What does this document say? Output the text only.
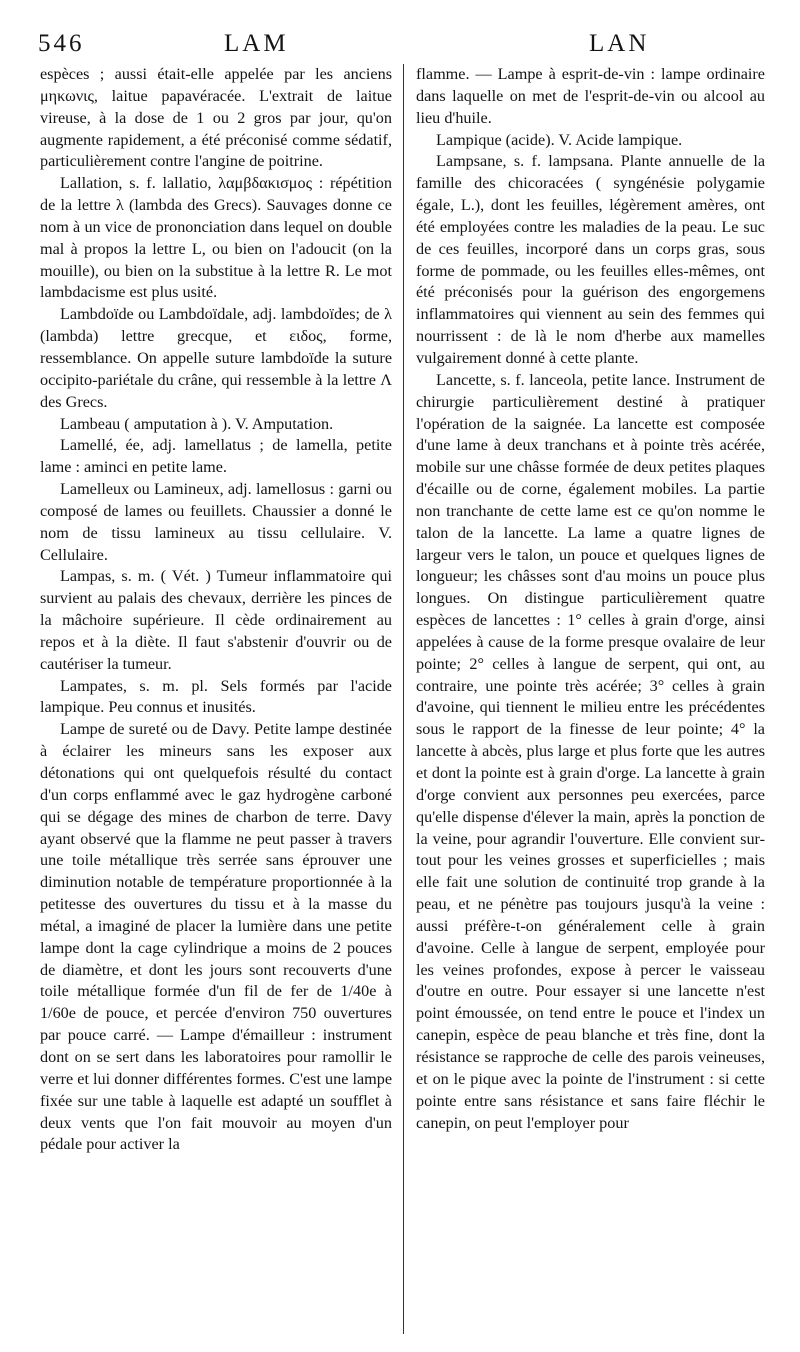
546	LAM	LAN

espèces ; aussi était-elle appelée par les anciens μηκωνις, laitue papavéracée. L'extrait de laitue vireuse, à la dose de 1 ou 2 gros par jour, qu'on augmente rapidement, a été préconisé comme sédatif, particulièrement contre l'angine de poitrine.

Lallation, s. f. lallatio, λαμβδακισμος : répétition de la lettre λ (lambda des Grecs). Sauvages donne ce nom à un vice de prononciation dans lequel on double mal à propos la lettre L, ou bien on l'adoucit (on la mouille), ou bien on la substitue à la lettre R. Le mot lambdacisme est plus usité.

Lambdoïde ou Lambdoïdale, adj. lambdoïdes; de λ (lambda) lettre grecque, et ειδος, forme, ressemblance. On appelle suture lambdoïde la suture occipito-pariétale du crâne, qui ressemble à la lettre Λ des Grecs.

Lambeau ( amputation à ). V. Amputation.

Lamellé, ée, adj. lamellatus ; de lamella, petite lame : aminci en petite lame.

Lamelleux ou Lamineux, adj. lamellosus : garni ou composé de lames ou feuillets. Chaussier a donné le nom de tissu lamineux au tissu cellulaire. V. Cellulaire.

Lampas, s. m. ( Vét. ) Tumeur inflammatoire qui survient au palais des chevaux, derrière les pinces de la mâchoire supérieure. Il cède ordinairement au repos et à la diète. Il faut s'abstenir d'ouvrir ou de cautériser la tumeur.

Lampates, s. m. pl. Sels formés par l'acide lampique. Peu connus et inusités.

Lampe de sureté ou de Davy. Petite lampe destinée à éclairer les mineurs sans les exposer aux détonations qui ont quelquefois résulté du contact d'un corps enflammé avec le gaz hydrogène carboné qui se dégage des mines de charbon de terre. Davy ayant observé que la flamme ne peut passer à travers une toile métallique très serrée sans éprouver une diminution notable de température proportionnée à la petitesse des ouvertures du tissu et à la masse du métal, a imaginé de placer la lumière dans une petite lampe dont la cage cylindrique a moins de 2 pouces de diamètre, et dont les jours sont recouverts d'une toile métallique formée d'un fil de fer de 1/40e à 1/60e de pouce, et percée d'environ 750 ouvertures par pouce carré. — Lampe d'émailleur : instrument dont on se sert dans les laboratoires pour ramollir le verre et lui donner différentes formes. C'est une lampe fixée sur une table à laquelle est adapté un soufflet à deux vents que l'on fait mouvoir au moyen d'un pédale pour activer la

flamme. — Lampe à esprit-de-vin : lampe ordinaire dans laquelle on met de l'esprit-de-vin ou alcool au lieu d'huile.

Lampique (acide). V. Acide lampique.

Lampsane, s. f. lampsana. Plante annuelle de la famille des chicoracées ( syngénésie polygamie égale, L.), dont les feuilles, légèrement amères, ont été employées contre les maladies de la peau. Le suc de ces feuilles, incorporé dans un corps gras, sous forme de pommade, ou les feuilles elles-mêmes, ont été préconisés pour la guérison des engorgemens inflammatoires qui viennent au sein des femmes qui nourrissent : de là le nom d'herbe aux mamelles vulgairement donné à cette plante.

Lancette, s. f. lanceola, petite lance. Instrument de chirurgie particulièrement destiné à pratiquer l'opération de la saignée. La lancette est composée d'une lame à deux tranchans et à pointe très acérée, mobile sur une châsse formée de deux petites plaques d'écaille ou de corne, également mobiles. La partie non tranchante de cette lame est ce qu'on nomme le talon de la lancette. La lame a quatre lignes de largeur vers le talon, un pouce et quelques lignes de longueur; les châsses sont d'au moins un pouce plus longues. On distingue particulièrement quatre espèces de lancettes : 1° celles à grain d'orge, ainsi appelées à cause de la forme presque ovalaire de leur pointe; 2° celles à langue de serpent, qui ont, au contraire, une pointe très acérée; 3° celles à grain d'avoine, qui tiennent le milieu entre les précédentes sous le rapport de la finesse de leur pointe; 4° la lancette à abcès, plus large et plus forte que les autres et dont la pointe est à grain d'orge. La lancette à grain d'orge convient aux personnes peu exercées, parce qu'elle dispense d'élever la main, après la ponction de la veine, pour agrandir l'ouverture. Elle convient sur-tout pour les veines grosses et superficielles ; mais elle fait une solution de continuité trop grande à la peau, et ne pénètre pas toujours jusqu'à la veine : aussi préfère-t-on généralement celle à grain d'avoine. Celle à langue de serpent, employée pour les veines profondes, expose à percer le vaisseau d'outre en outre. Pour essayer si une lancette n'est point émoussée, on tend entre le pouce et l'index un canepin, espèce de peau blanche et très fine, dont la résistance se rapproche de celle des parois veineuses, et on le pique avec la pointe de l'instrument : si cette pointe entre sans résistance et sans faire fléchir le canepin, on peut l'employer pour
